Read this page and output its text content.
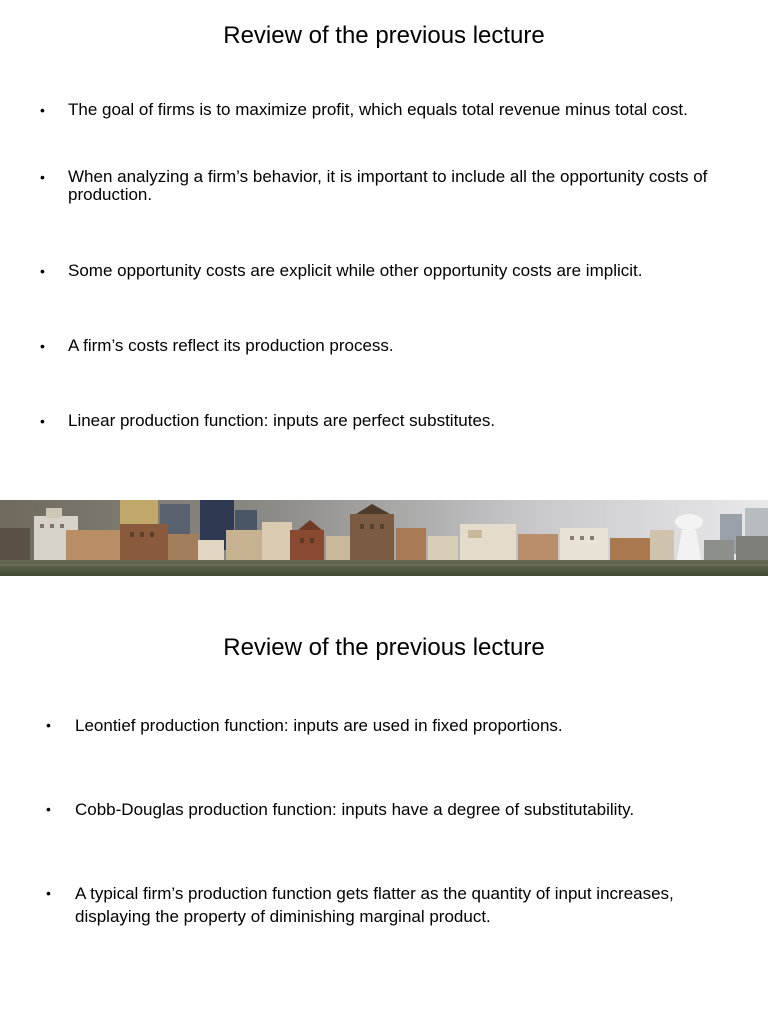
Review of the previous lecture
• The goal of firms is to maximize profit, which equals total revenue minus total cost.
• When analyzing a firm’s behavior, it is important to include all the opportunity costs of production.
• Some opportunity costs are explicit while other opportunity costs are implicit.
• A firm’s costs reflect its production process.
• Linear production function: inputs are perfect substitutes.
Review of the previous lecture
• Leontief production function: inputs are used in fixed proportions.
• Cobb-Douglas production function: inputs have a degree of substitutability.
• A typical firm’s production function gets flatter as the quantity of input increases, displaying the property of diminishing marginal product.
